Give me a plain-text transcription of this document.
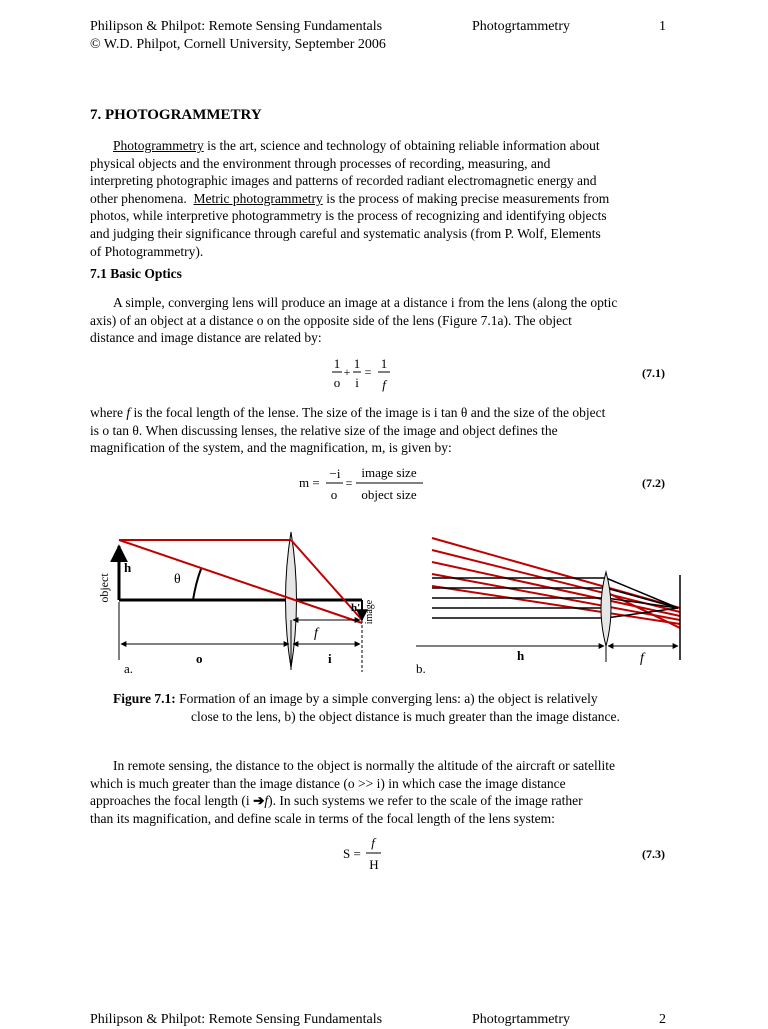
Philipson & Philpot: Remote Sensing Fundamentals
© W.D. Philpot, Cornell University, September 2006
Photogrtammetry	1
7. PHOTOGRAMMETRY
Photogrammetry is the art, science and technology of obtaining reliable information about
physical objects and the environment through processes of recording, measuring, and
interpreting photographic images and patterns of recorded radiant electromagnetic energy and
other phenomena.  Metric photogrammetry is the process of making precise measurements from
photos, while interpretive photogrammetry is the process of recognizing and identifying objects
and judging their significance through careful and systematic analysis (from P. Wolf, Elements
of Photogrammetry).
7.1 Basic Optics
A simple, converging lens will produce an image at a distance i from the lens (along the optic
axis) of an object at a distance o on the opposite side of the lens (Figure 7.1a). The object
distance and image distance are related by:
1
o
+
1
i
=
1
f
(7.1)
where f is the focal length of the lense. The size of the image is i tan θ and the size of the object
is o tan θ. When discussing lenses, the relative size of the image and object defines the
magnification of the system, and the magnification, m, is given by:
m =
−i
o
=
image size
object size
(7.2)
object
h
θ
h' image
f
o	i
a.
h	f
b.
Figure 7.1: Formation of an image by a simple converging lens: a) the object is relatively
close to the lens, b) the object distance is much greater than the image distance.
In remote sensing, the distance to the object is normally the altitude of the aircraft or satellite
which is much greater than the image distance (o >> i) in which case the image distance
approaches the focal length (i ➔f). In such systems we refer to the scale of the image rather
than its magnification, and define scale in terms of the focal length of the lens system:
S =
f
H
(7.3)
Philipson & Philpot: Remote Sensing Fundamentals	Photogrtammetry	2
